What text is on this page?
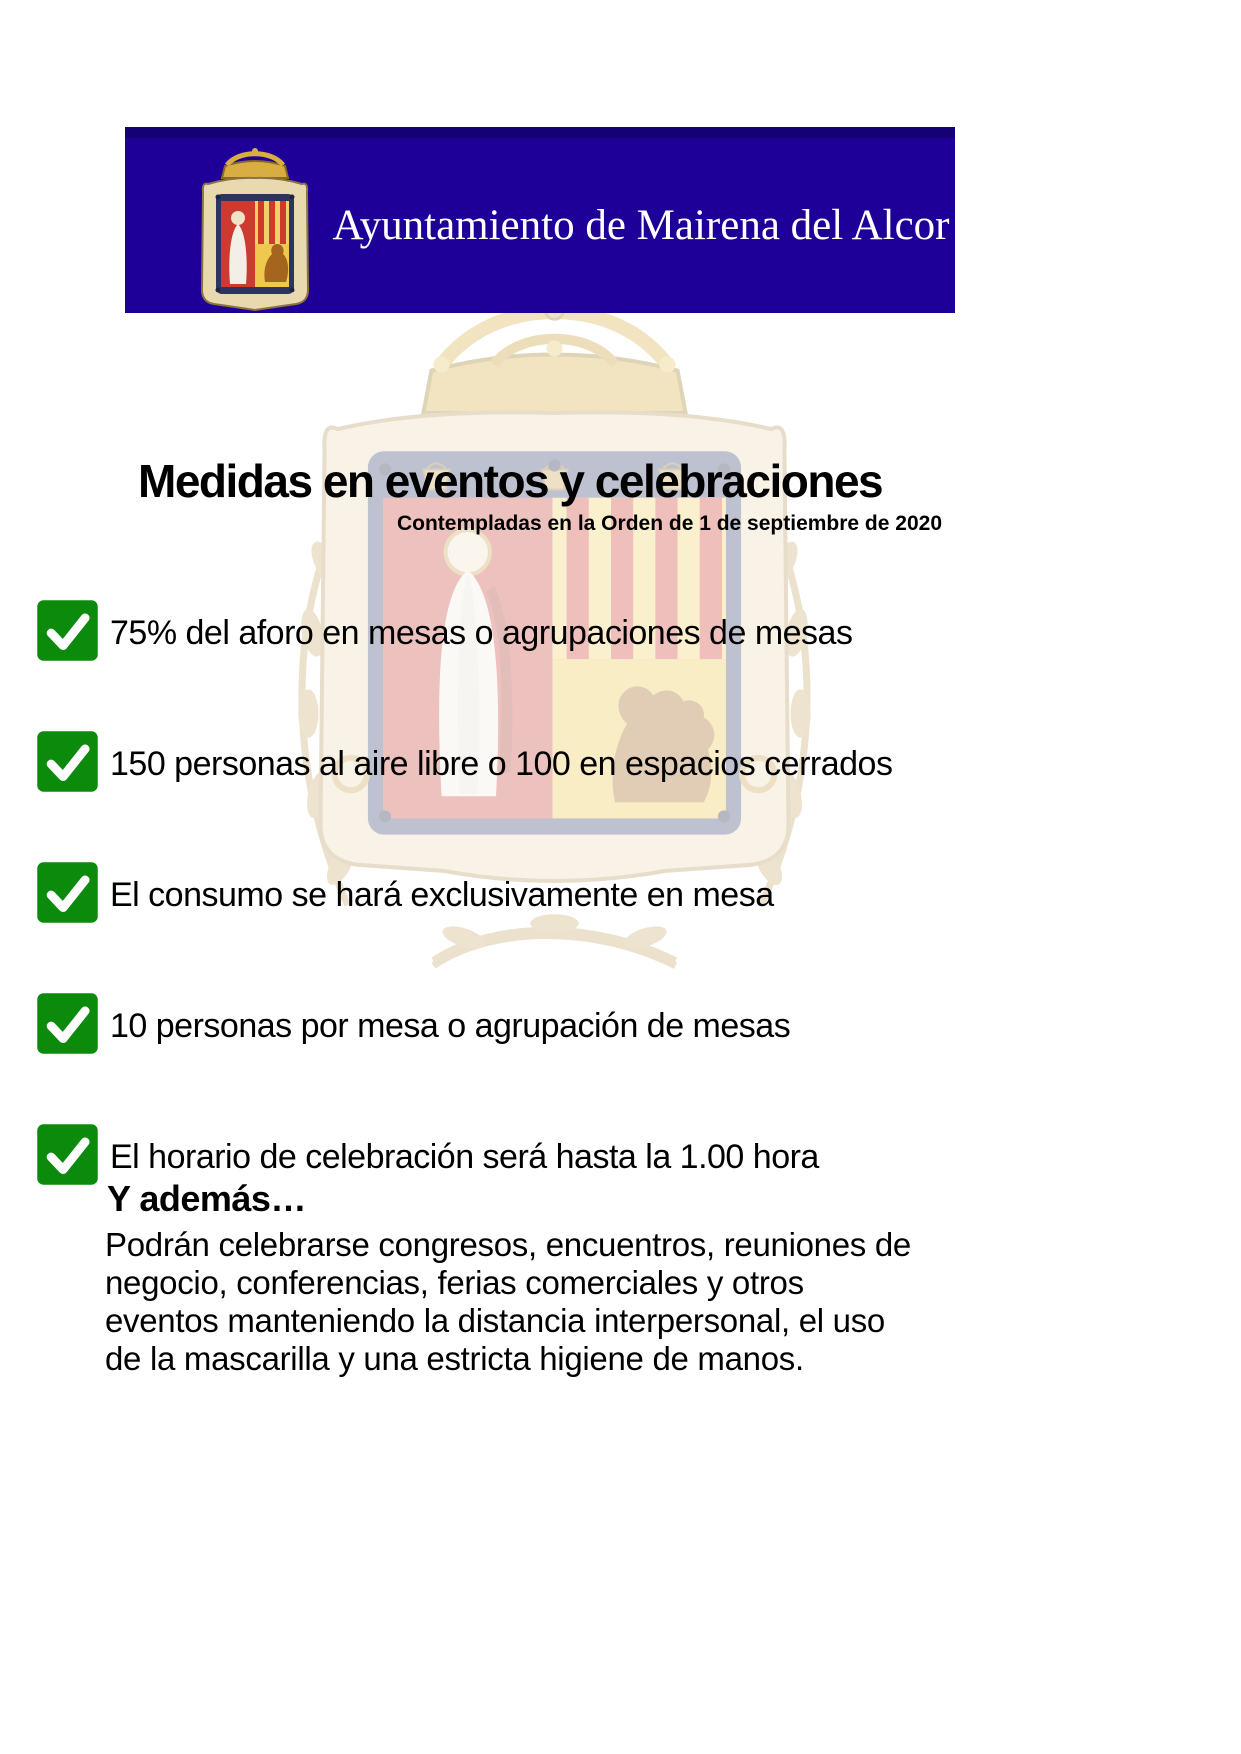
Ayuntamiento de Mairena del Alcor
Medidas en eventos y celebraciones
Contempladas en la Orden de 1 de septiembre de 2020
75% del aforo en mesas o agrupaciones de mesas
150 personas al aire libre o 100 en espacios cerrados
El consumo se hará exclusivamente en mesa
10 personas por mesa o agrupación de mesas
El horario de celebración será hasta la 1.00 hora
Y además…
Podrán celebrarse congresos, encuentros, reuniones de
negocio, conferencias, ferias comerciales y otros
eventos manteniendo la distancia interpersonal, el uso
de la mascarilla y una estricta higiene de manos.
